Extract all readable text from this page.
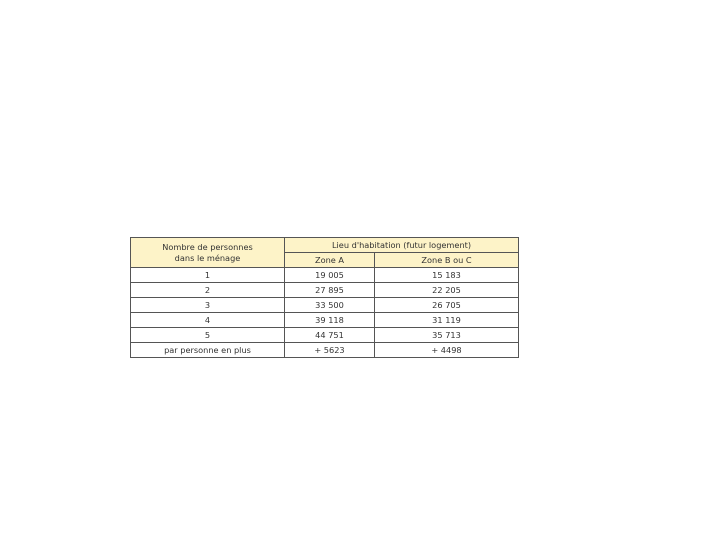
Nombre de personnes
dans le ménage	Lieu d'habitation (futur logement)	
	Zone A	Zone B ou C
1	19 005	15 183
2	27 895	22 205
3	33 500	26 705
4	39 118	31 119
5	44 751	35 713
par personne en plus	+ 5623	+ 4498
